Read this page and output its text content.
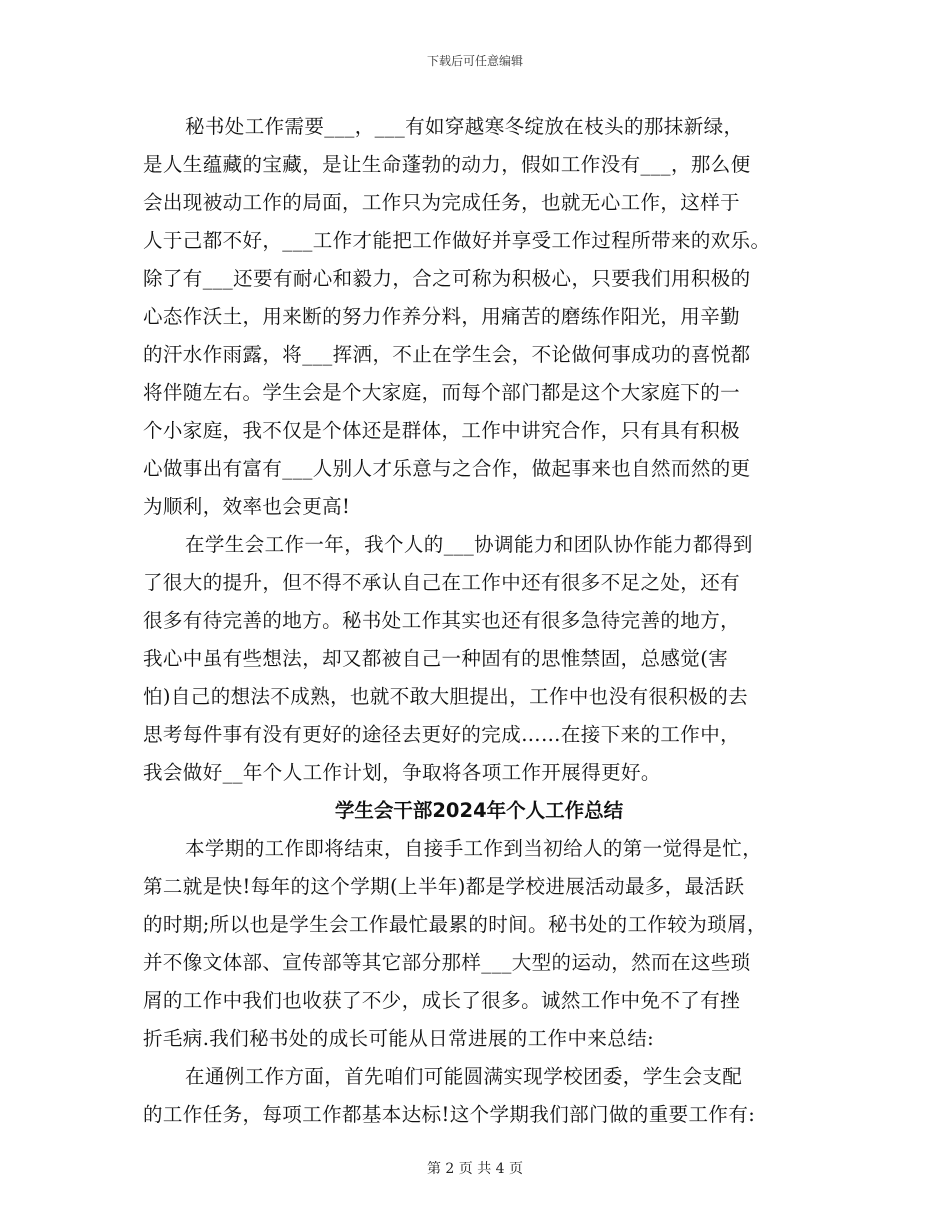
下载后可任意编辑
秘书处工作需要___，___有如穿越寒冬绽放在枝头的那抹新绿，
是人生蕴藏的宝藏，是让生命蓬勃的动力，假如工作没有___，那么便
会出现被动工作的局面，工作只为完成任务，也就无心工作，这样于
人于己都不好，___工作才能把工作做好并享受工作过程所带来的欢乐。
除了有___还要有耐心和毅力，合之可称为积极心，只要我们用积极的
心态作沃土，用来断的努力作养分料，用痛苦的磨练作阳光，用辛勤
的汗水作雨露，将___挥洒，不止在学生会，不论做何事成功的喜悦都
将伴随左右。学生会是个大家庭，而每个部门都是这个大家庭下的一
个小家庭，我不仅是个体还是群体，工作中讲究合作，只有具有积极
心做事出有富有___人别人才乐意与之合作，做起事来也自然而然的更
为顺利，效率也会更高!
在学生会工作一年，我个人的___协调能力和团队协作能力都得到
了很大的提升，但不得不承认自己在工作中还有很多不足之处，还有
很多有待完善的地方。秘书处工作其实也还有很多急待完善的地方，
我心中虽有些想法，却又都被自己一种固有的思惟禁固，总感觉(害
怕)自己的想法不成熟，也就不敢大胆提出，工作中也没有很积极的去
思考每件事有没有更好的途径去更好的完成……在接下来的工作中，
我会做好__年个人工作计划，争取将各项工作开展得更好。
学生会干部2024年个人工作总结
本学期的工作即将结束，自接手工作到当初给人的第一觉得是忙，
第二就是快!每年的这个学期(上半年)都是学校进展活动最多，最活跃
的时期;所以也是学生会工作最忙最累的时间。秘书处的工作较为琐屑，
并不像文体部、宣传部等其它部分那样___大型的运动，然而在这些琐
屑的工作中我们也收获了不少，成长了很多。诚然工作中免不了有挫
折毛病.我们秘书处的成长可能从日常进展的工作中来总结:
在通例工作方面，首先咱们可能圆满实现学校团委，学生会支配
的工作任务，每项工作都基本达标!这个学期我们部门做的重要工作有:
第 2 页 共 4 页
